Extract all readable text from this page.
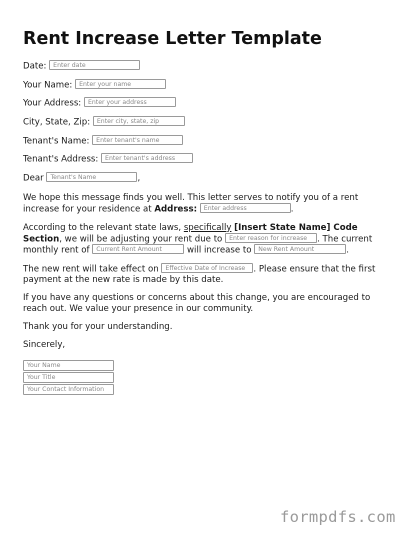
Rent Increase Letter Template
Date: Enter date
Your Name: Enter your name
Your Address: Enter your address
City, State, Zip: Enter city, state, zip
Tenant's Name: Enter tenant's name
Tenant's Address: Enter tenant's address
Dear Tenant's Name	,

We hope this message finds you well. This letter serves to notify you of a rent increase for your residence at Address: Enter address	.

According to the relevant state laws, specifically [Insert State Name] Code Section, we will be adjusting your rent due to Enter reason for increase	. The current monthly rent of Current Rent Amount	will increase to New Rent Amount	.

The new rent will take effect on Effective Date of Increase	. Please ensure that the first payment at the new rate is made by this date.

If you have any questions or concerns about this change, you are encouraged to reach out. We value your presence in our community.

Thank you for your understanding.

Sincerely,

Your Name
Your Title
Your Contact Information
formpdfs.com
